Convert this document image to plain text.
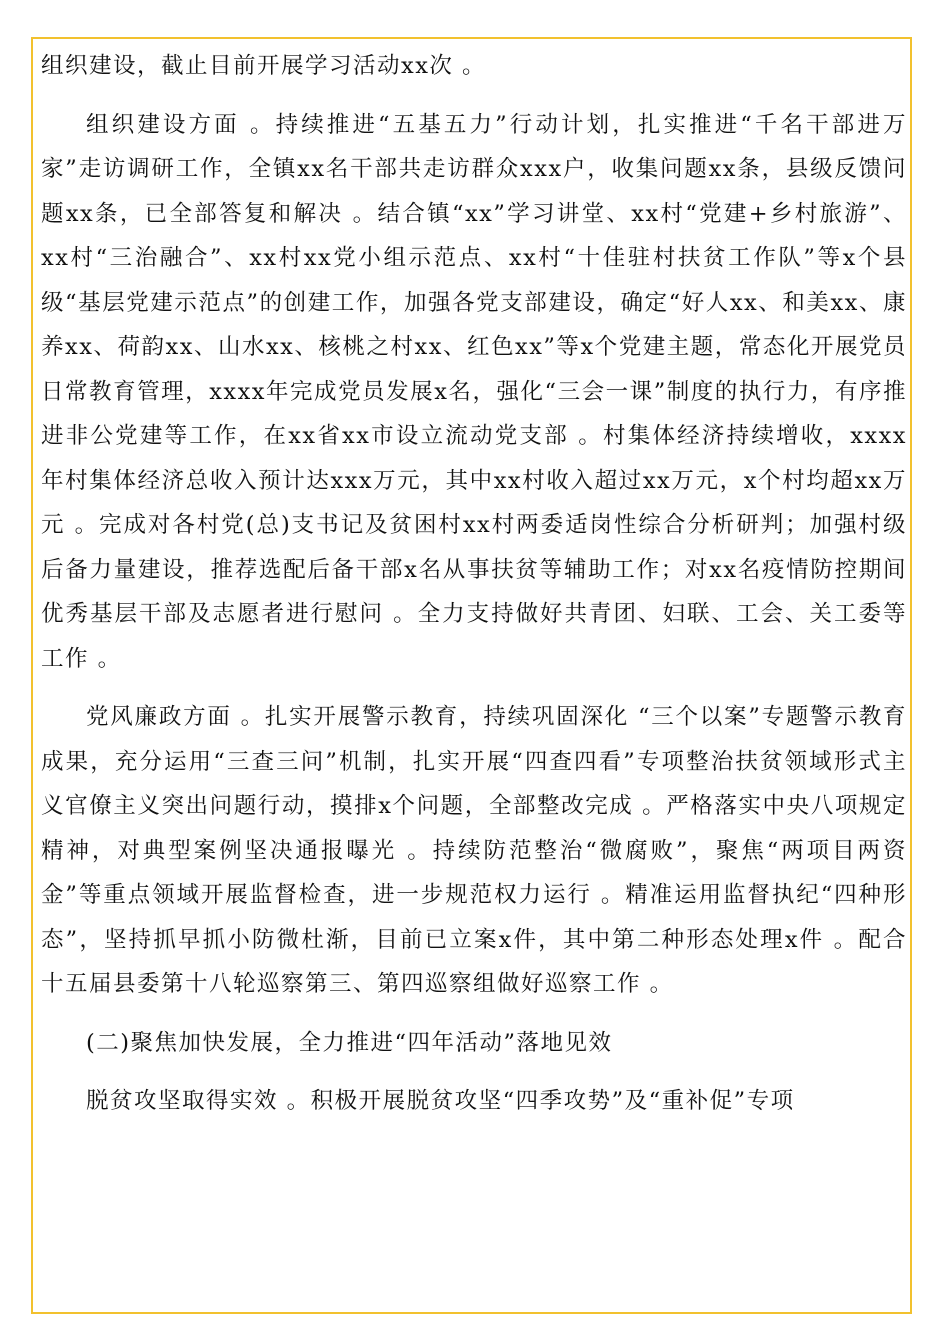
组织建设，截止目前开展学习活动xx次 。

组织建设方面 。持续推进“五基五力”行动计划，扎实推进“千名干部进万家”走访调研工作，全镇xx名干部共走访群众xxx户，收集问题xx条，县级反馈问题xx条，已全部答复和解决 。结合镇“xx”学习讲堂、xx村“党建+乡村旅游”、xx村“三治融合”、xx村xx党小组示范点、xx村“十佳驻村扶贫工作队”等x个县级“基层党建示范点”的创建工作，加强各党支部建设，确定“好人xx、和美xx、康养xx、荷韵xx、山水xx、核桃之村xx、红色xx”等x个党建主题，常态化开展党员日常教育管理，xxxx年完成党员发展x名，强化“三会一课”制度的执行力，有序推进非公党建等工作，在xx省xx市设立流动党支部 。村集体经济持续增收，xxxx年村集体经济总收入预计达xxx万元，其中xx村收入超过xx万元，x个村均超xx万元 。完成对各村党(总)支书记及贫困村xx村两委适岗性综合分析研判；加强村级后备力量建设，推荐选配后备干部x名从事扶贫等辅助工作；对xx名疫情防控期间优秀基层干部及志愿者进行慰问 。全力支持做好共青团、妇联、工会、关工委等工作 。

党风廉政方面 。扎实开展警示教育，持续巩固深化 “三个以案”专题警示教育成果，充分运用“三查三问”机制，扎实开展“四查四看”专项整治扶贫领域形式主义官僚主义突出问题行动，摸排x个问题，全部整改完成 。严格落实中央八项规定精神，对典型案例坚决通报曝光 。持续防范整治“微腐败”，聚焦“两项目两资金”等重点领域开展监督检查，进一步规范权力运行 。精准运用监督执纪“四种形态”，坚持抓早抓小防微杜渐，目前已立案x件，其中第二种形态处理x件 。配合十五届县委第十八轮巡察第三、第四巡察组做好巡察工作 。

(二)聚焦加快发展，全力推进“四年活动”落地见效

脱贫攻坚取得实效 。积极开展脱贫攻坚“四季攻势”及“重补促”专项
